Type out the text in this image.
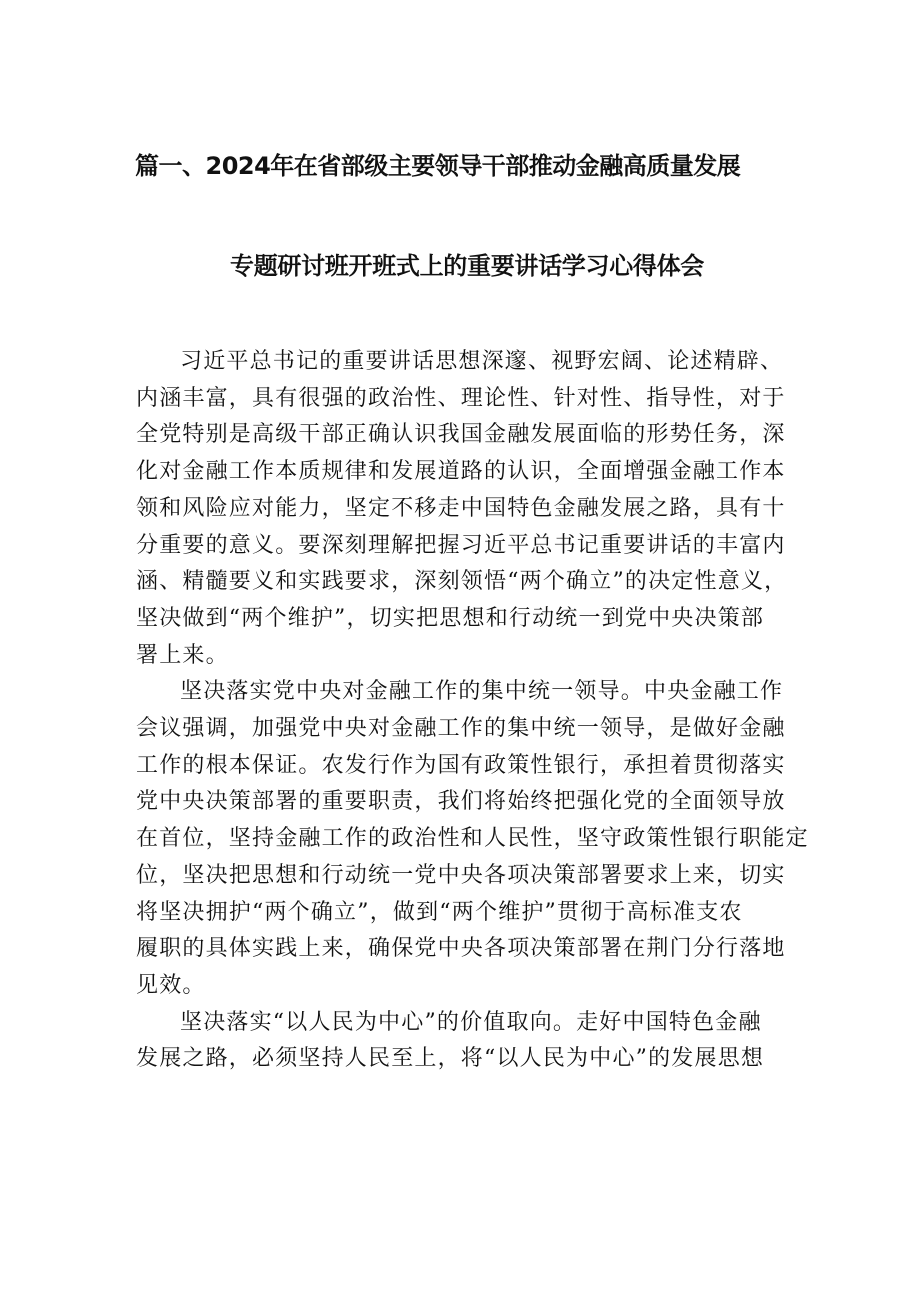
篇一、2024年在省部级主要领导干部推动金融高质量发展
专题研讨班开班式上的重要讲话学习心得体会

习近平总书记的重要讲话思想深邃、视野宏阔、论述精辟、
内涵丰富，具有很强的政治性、理论性、针对性、指导性，对于
全党特别是高级干部正确认识我国金融发展面临的形势任务，深
化对金融工作本质规律和发展道路的认识，全面增强金融工作本
领和风险应对能力，坚定不移走中国特色金融发展之路，具有十
分重要的意义。要深刻理解把握习近平总书记重要讲话的丰富内
涵、精髓要义和实践要求，深刻领悟“两个确立”的决定性意义，
坚决做到“两个维护”，切实把思想和行动统一到党中央决策部
署上来。

坚决落实党中央对金融工作的集中统一领导。中央金融工作
会议强调，加强党中央对金融工作的集中统一领导，是做好金融
工作的根本保证。农发行作为国有政策性银行，承担着贯彻落实
党中央决策部署的重要职责，我们将始终把强化党的全面领导放
在首位，坚持金融工作的政治性和人民性，坚守政策性银行职能定
位，坚决把思想和行动统一党中央各项决策部署要求上来，切实
将坚决拥护“两个确立”，做到“两个维护”贯彻于高标准支农
履职的具体实践上来，确保党中央各项决策部署在荆门分行落地
见效。

坚决落实“以人民为中心”的价值取向。走好中国特色金融
发展之路，必须坚持人民至上，将“以人民为中心”的发展思想
